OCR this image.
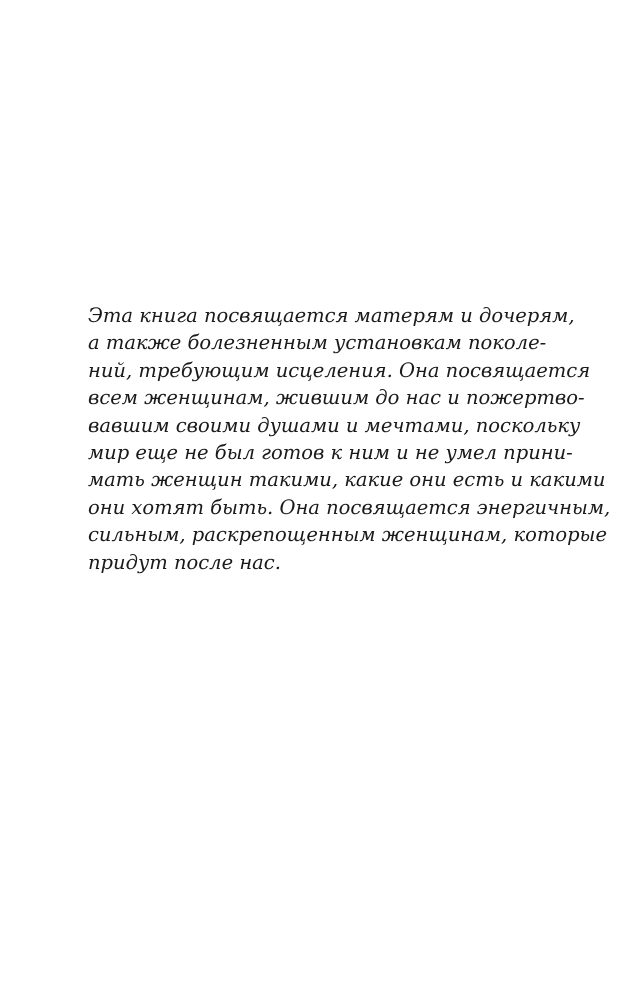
Эта книга посвящается матерям и дочерям,
а также болезненным установкам поколе-
ний, требующим исцеления. Она посвящается
всем женщинам, жившим до нас и пожертво-
вавшим своими душами и мечтами, поскольку
мир еще не был готов к ним и не умел прини-
мать женщин такими, какие они есть и какими
они хотят быть. Она посвящается энергичным,
сильным, раскрепощенным женщинам, которые
придут после нас.
